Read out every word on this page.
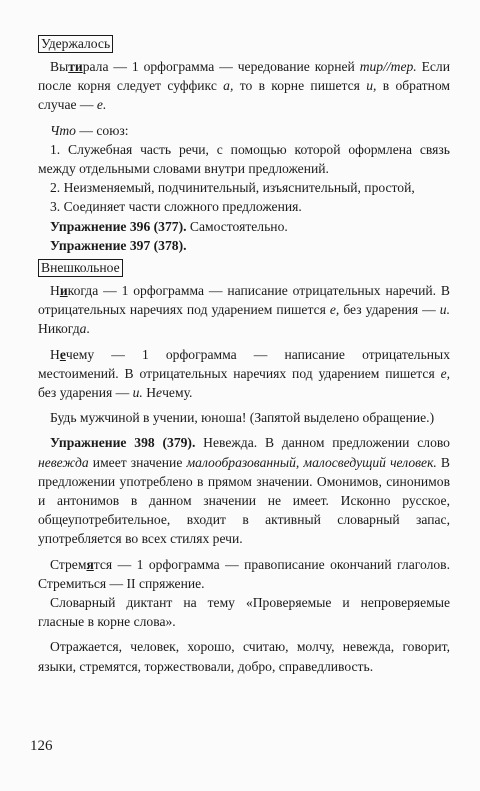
Удержалось

Вытирала — 1 орфограмма — чередование корней тир//тер. Если после корня следует суффикс а, то в корне пишется и, в обратном случае — е.

Что — союз:

1. Служебная часть речи, с помощью которой оформлена связь между отдельными словами внутри предложений.

2. Неизменяемый, подчинительный, изъяснительный, простой,

3. Соединяет части сложного предложения.

Упражнение 396 (377). Самостоятельно.

Упражнение 397 (378).

Внешкольное

Никогда — 1 орфограмма — написание отрицательных наречий. В отрицательных наречиях под ударением пишется е, без ударения — и. Никогда.

Нечему — 1 орфограмма — написание отрицательных местоимений. В отрицательных наречиях под ударением пишется е, без ударения — и. Нечему.

Будь мужчиной в учении, юноша! (Запятой выделено обращение.)

Упражнение 398 (379). Невежда. В данном предложении слово невежда имеет значение малообразованный, малосведущий человек. В предложении употреблено в прямом значении. Омонимов, синонимов и антонимов в данном значении не имеет. Исконно русское, общеупотребительное, входит в активный словарный запас, употребляется во всех стилях речи.

Стремятся — 1 орфограмма — правописание окончаний глаголов. Стремиться — II спряжение.

Словарный диктант на тему «Проверяемые и непроверяемые гласные в корне слова».

Отражается, человек, хорошо, считаю, молчу, невежда, говорит, языки, стремятся, торжествовали, добро, справедливость.

126
